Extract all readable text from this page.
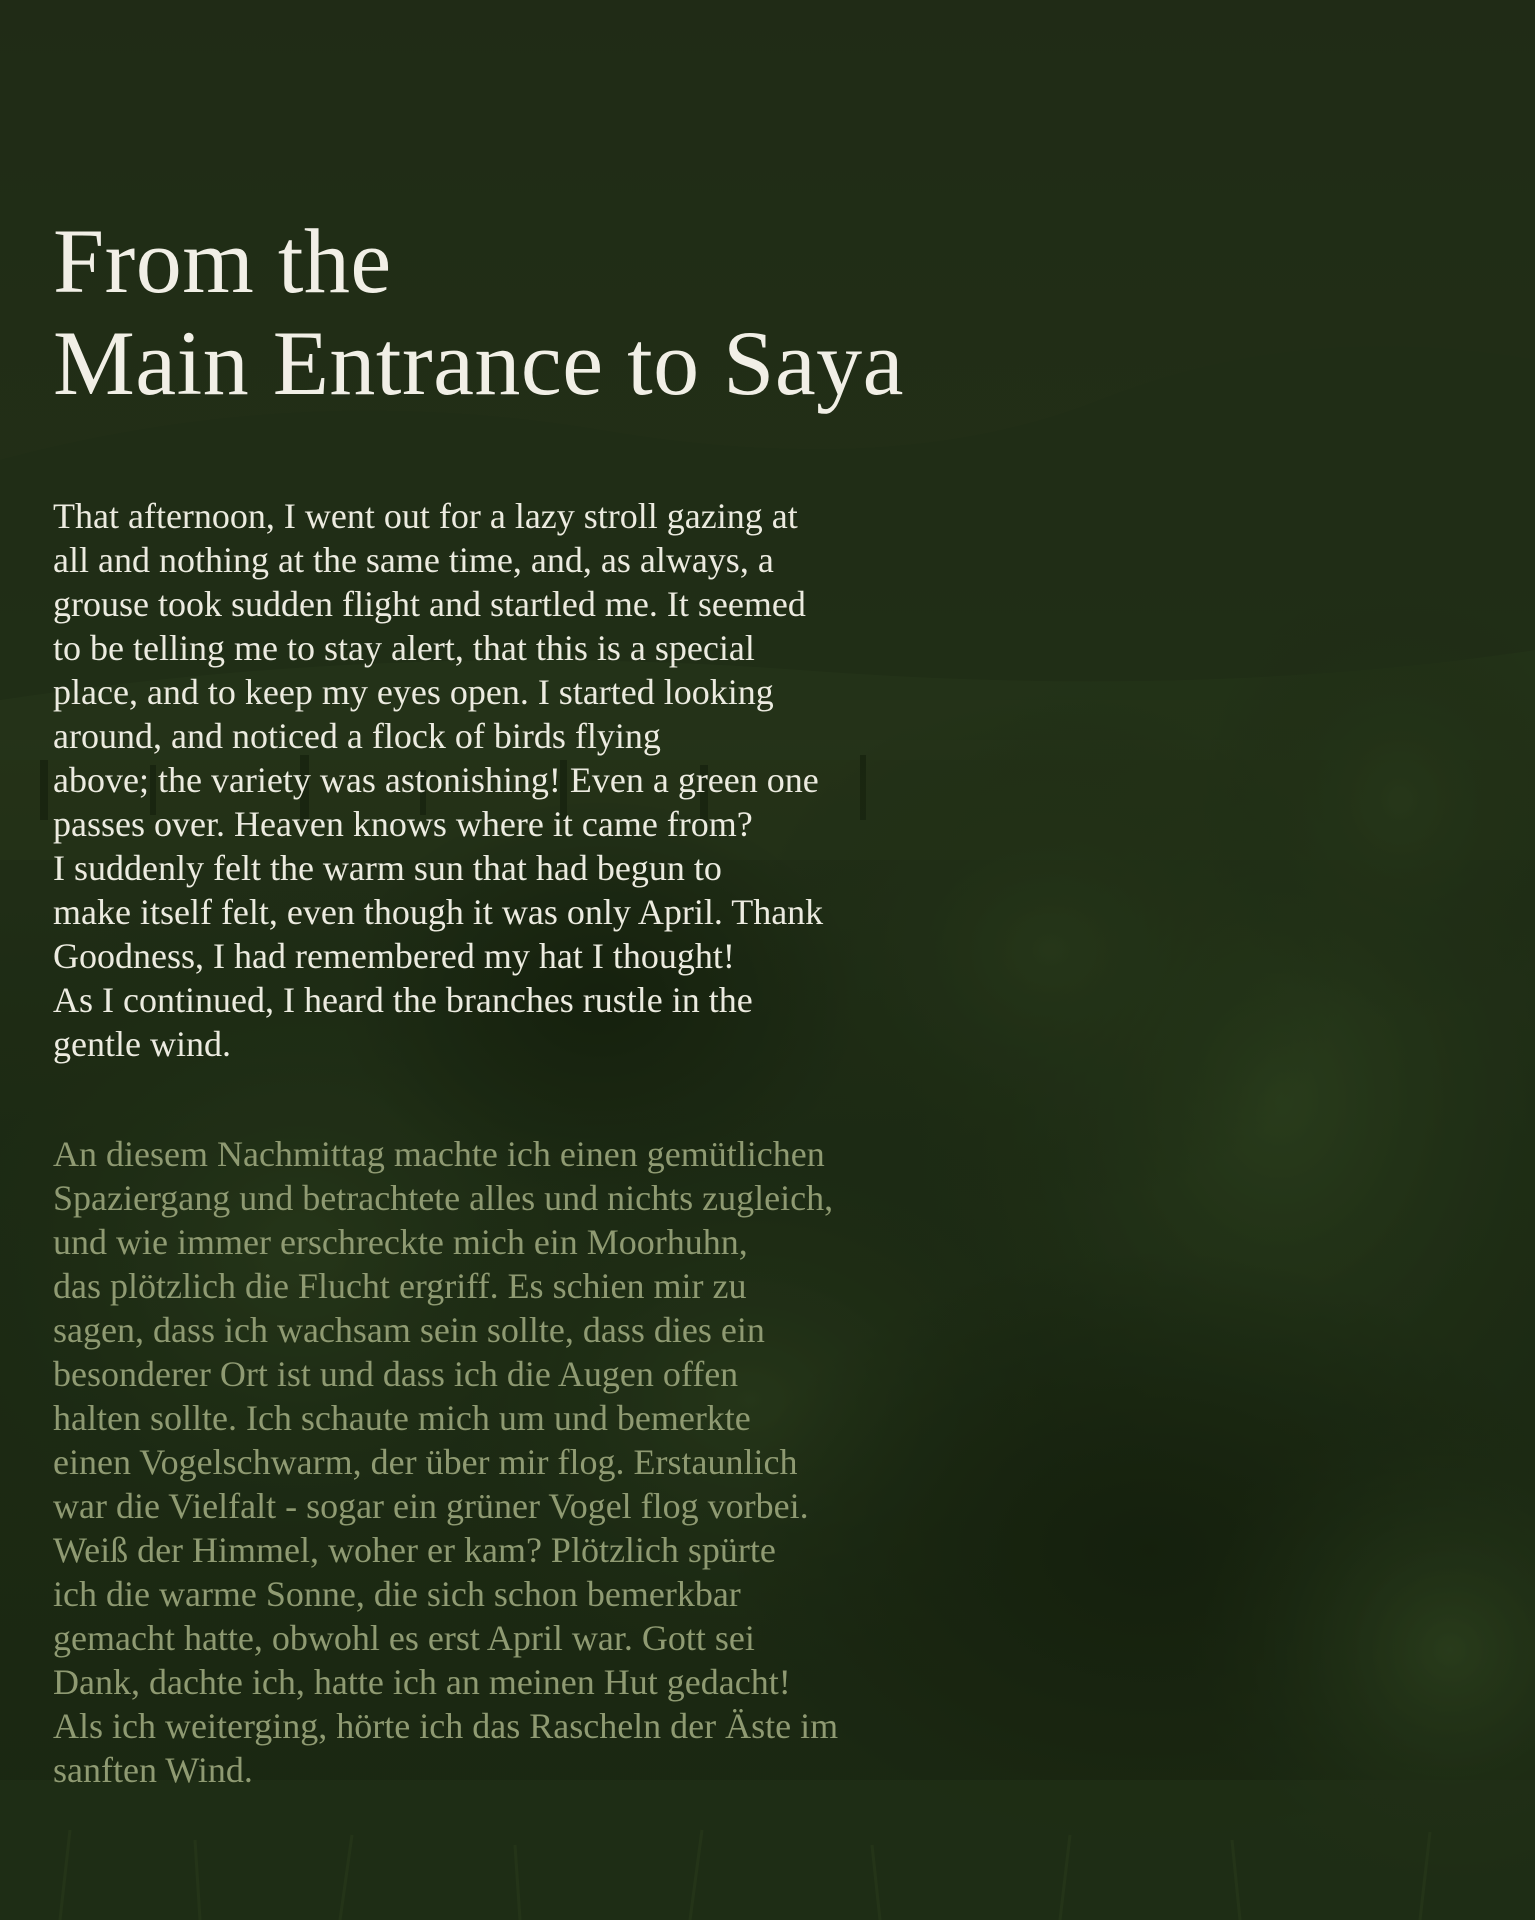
From the
Main Entrance to Saya
That afternoon, I went out for a lazy stroll gazing at
all and nothing at the same time, and, as always, a
grouse took sudden flight and startled me. It seemed
to be telling me to stay alert, that this is a special
place, and to keep my eyes open. I started looking
around, and noticed a flock of birds flying
above; the variety was astonishing! Even a green one
passes over. Heaven knows where it came from?
I suddenly felt the warm sun that had begun to
make itself felt, even though it was only April. Thank
Goodness, I had remembered my hat I thought!
As I continued, I heard the branches rustle in the
gentle wind.
An diesem Nachmittag machte ich einen gemütlichen
Spaziergang und betrachtete alles und nichts zugleich,
und wie immer erschreckte mich ein Moorhuhn,
das plötzlich die Flucht ergriff. Es schien mir zu
sagen, dass ich wachsam sein sollte, dass dies ein
besonderer Ort ist und dass ich die Augen offen
halten sollte. Ich schaute mich um und bemerkte
einen Vogelschwarm, der über mir flog. Erstaunlich
war die Vielfalt - sogar ein grüner Vogel flog vorbei.
Weiß der Himmel, woher er kam? Plötzlich spürte
ich die warme Sonne, die sich schon bemerkbar
gemacht hatte, obwohl es erst April war. Gott sei
Dank, dachte ich, hatte ich an meinen Hut gedacht!
Als ich weiterging, hörte ich das Rascheln der Äste im
sanften Wind.
